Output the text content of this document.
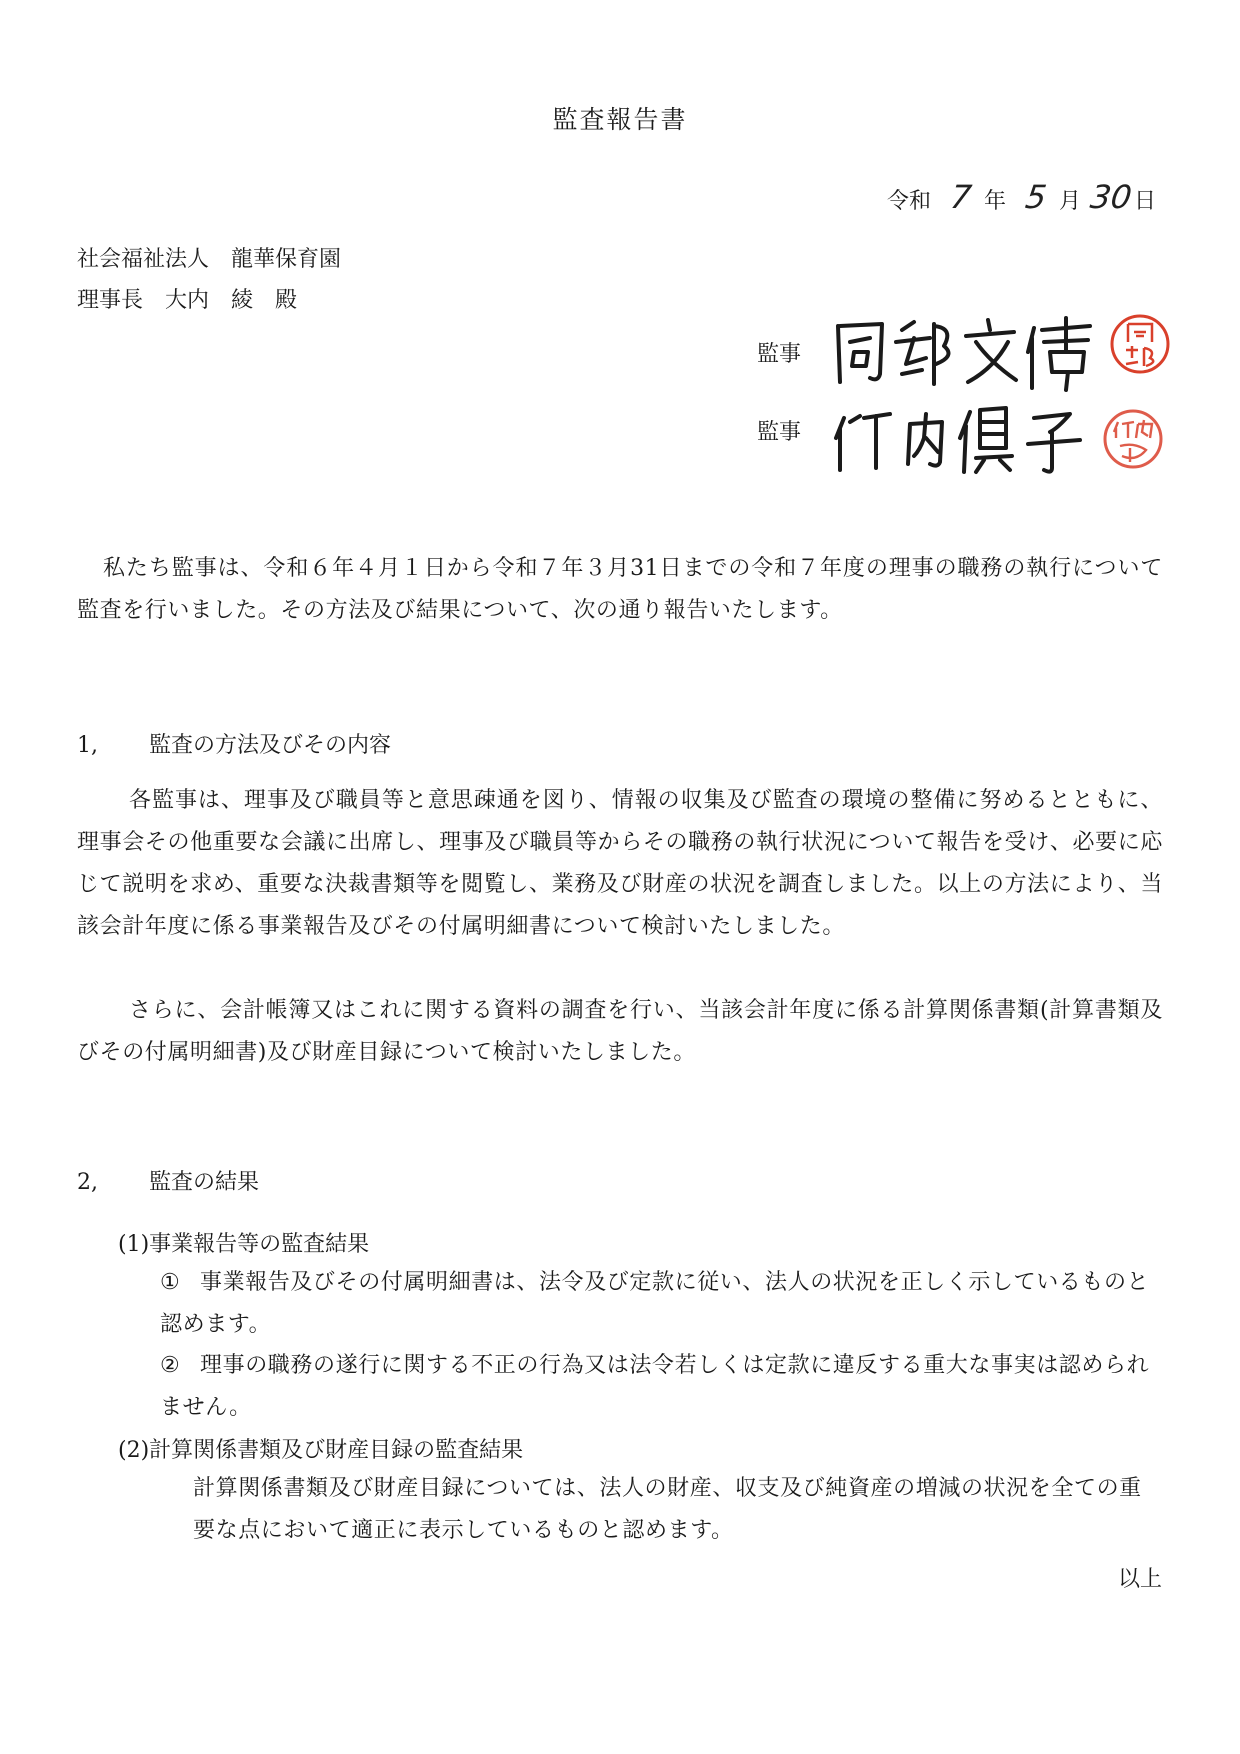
監査報告書
令和 7 年 5 月 30日
社会福祉法人　龍華保育園
理事長　大内　綾　殿
監事
監事
私たち監事は、令和６年４月１日から令和７年３月31日までの令和７年度の理事の職務の執行について監査を行いました。その方法及び結果について、次の通り報告いたします。
1, 監査の方法及びその内容
各監事は、理事及び職員等と意思疎通を図り、情報の収集及び監査の環境の整備に努めるとともに、理事会その他重要な会議に出席し、理事及び職員等からその職務の執行状況について報告を受け、必要に応じて説明を求め、重要な決裁書類等を閲覧し、業務及び財産の状況を調査しました。以上の方法により、当該会計年度に係る事業報告及びその付属明細書について検討いたしました。
さらに、会計帳簿又はこれに関する資料の調査を行い、当該会計年度に係る計算関係書類(計算書類及びその付属明細書)及び財産目録について検討いたしました。
2, 監査の結果
(1)事業報告等の監査結果
① 事業報告及びその付属明細書は、法令及び定款に従い、法人の状況を正しく示しているものと認めます。
② 理事の職務の遂行に関する不正の行為又は法令若しくは定款に違反する重大な事実は認められません。
(2)計算関係書類及び財産目録の監査結果
計算関係書類及び財産目録については、法人の財産、収支及び純資産の増減の状況を全ての重要な点において適正に表示しているものと認めます。
以上
